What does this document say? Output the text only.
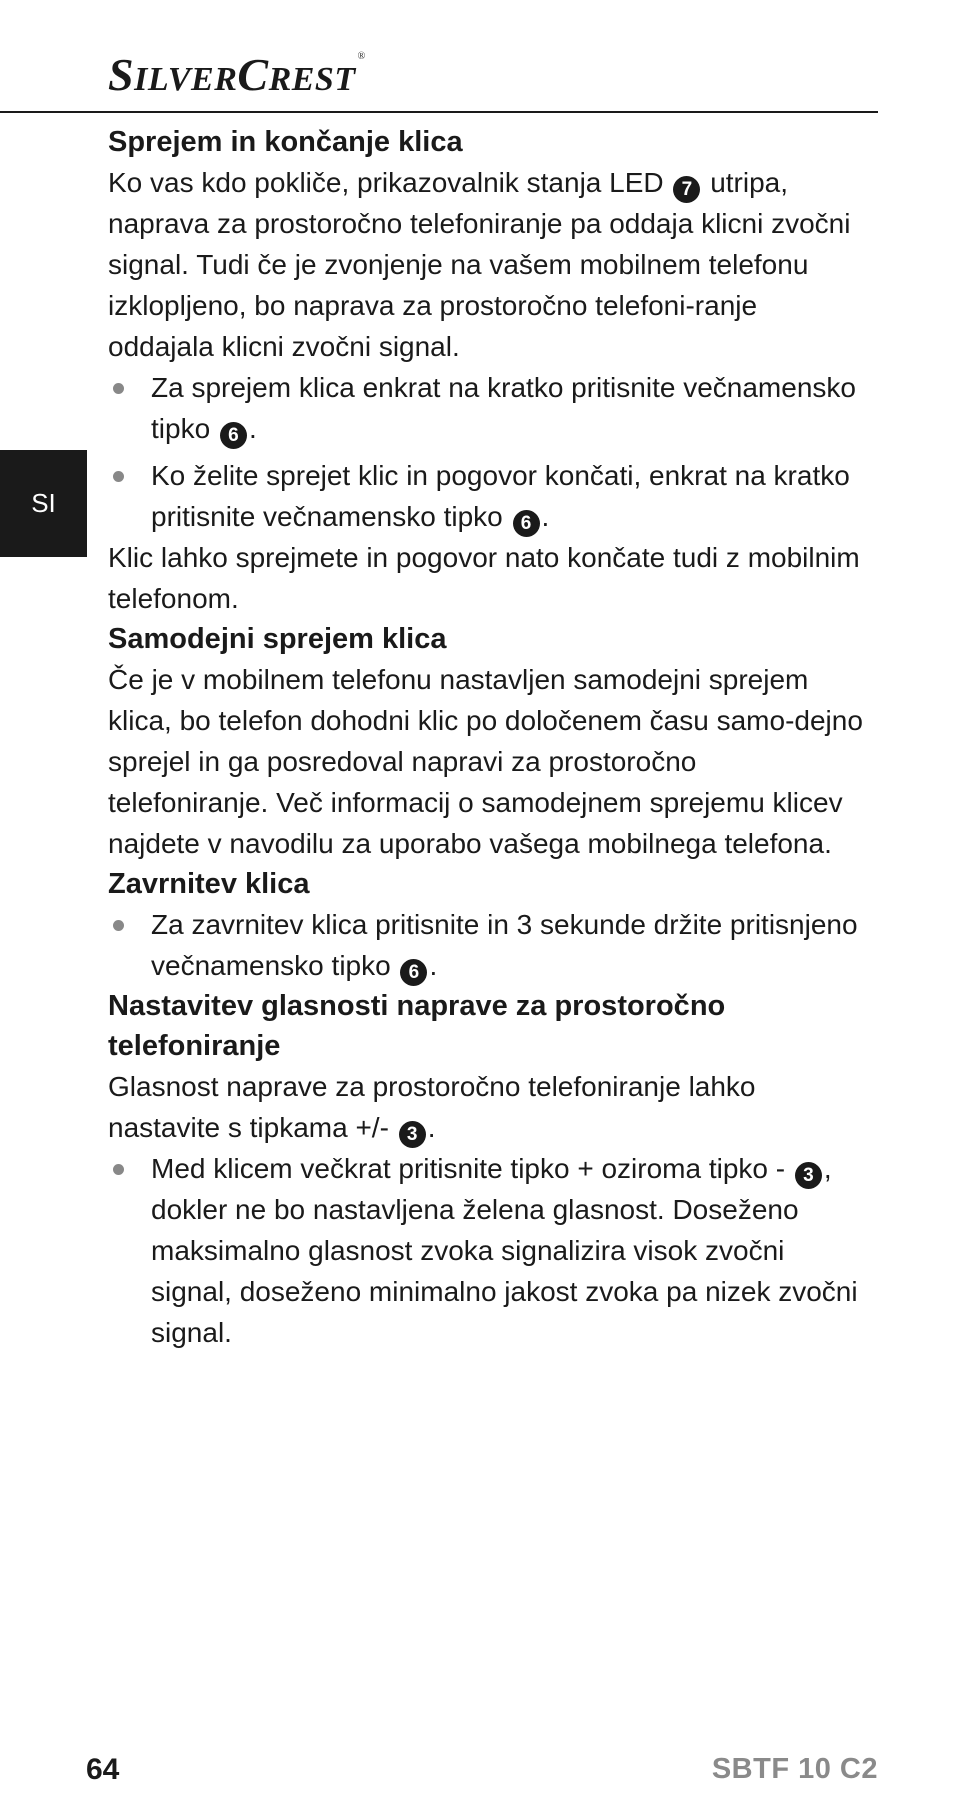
SILVERCREST®
SI
Sprejem in končanje klica

Ko vas kdo pokliče, prikazovalnik stanja LED 7 utripa, naprava za prostoročno telefoniranje pa oddaja klicni zvočni signal. Tudi če je zvonjenje na vašem mobilnem telefonu izklopljeno, bo naprava za prostoročno telefoni-ranje oddajala klicni zvočni signal.

Za sprejem klica enkrat na kratko pritisnite večnamensko tipko 6 .
Ko želite sprejet klic in pogovor končati, enkrat na kratko pritisnite večnamensko tipko 6 .

Klic lahko sprejmete in pogovor nato končate tudi z mobilnim telefonom.

Samodejni sprejem klica

Če je v mobilnem telefonu nastavljen samodejni sprejem klica, bo telefon dohodni klic po določenem času samo-dejno sprejel in ga posredoval napravi za prostoročno telefoniranje. Več informacij o samodejnem sprejemu klicev najdete v navodilu za uporabo vašega mobilnega telefona.

Zavrnitev klica
Za zavrnitev klica pritisnite in 3 sekunde držite pritisnjeno večnamensko tipko 6 .
Nastavitev glasnosti naprave za prostoročno telefoniranje

Glasnost naprave za prostoročno telefoniranje lahko nastavite s tipkama +/- 3 .

Med klicem večkrat pritisnite tipko + oziroma tipko - 3 , dokler ne bo nastavljena želena glasnost. Doseženo maksimalno glasnost zvoka signalizira visok zvočni signal, doseženo minimalno jakost zvoka pa nizek zvočni signal.
64	SBTF 10 C2
